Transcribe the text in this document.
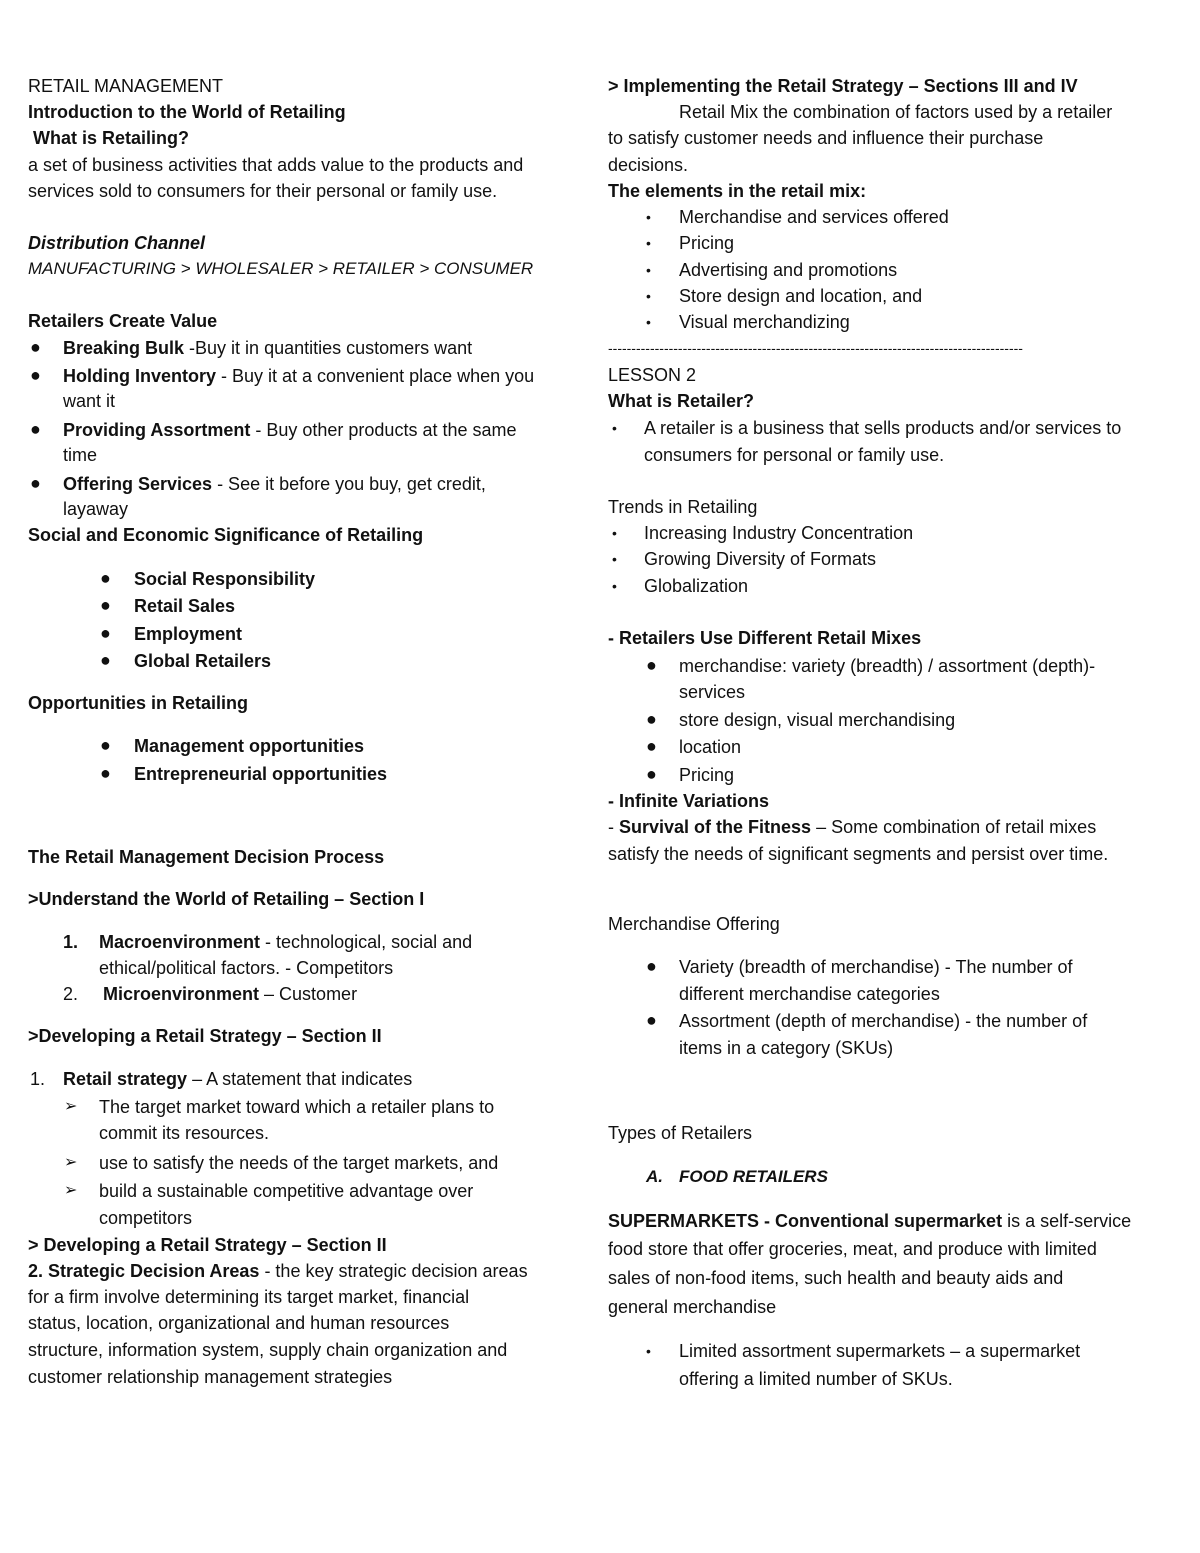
RETAIL MANAGEMENT
Introduction to the World of Retailing
What is Retailing?
a set of business activities that adds value to the products and
services sold to consumers for their personal or family use.
Distribution Channel
MANUFACTURING > WHOLESALER > RETAILER > CONSUMER
Retailers Create Value
● Breaking Bulk -Buy it in quantities customers want
● Holding Inventory - Buy it at a convenient place when you
want it
● Providing Assortment - Buy other products at the same
time
● Offering Services - See it before you buy, get credit,
layaway
Social and Economic Significance of Retailing
● Social Responsibility
● Retail Sales
● Employment
● Global Retailers
Opportunities in Retailing
● Management opportunities
● Entrepreneurial opportunities
The Retail Management Decision Process
>Understand the World of Retailing – Section I
1. Macroenvironment - technological, social and
ethical/political factors. - Competitors
2. Microenvironment – Customer
>Developing a Retail Strategy – Section II
1. Retail strategy – A statement that indicates
➢ The target market toward which a retailer plans to
commit its resources.
➢ use to satisfy the needs of the target markets, and
➢ build a sustainable competitive advantage over
competitors
> Developing a Retail Strategy – Section II
2. Strategic Decision Areas - the key strategic decision areas
for a firm involve determining its target market, financial
status, location, organizational and human resources
structure, information system, supply chain organization and
customer relationship management strategies
> Implementing the Retail Strategy – Sections III and IV
Retail Mix the combination of factors used by a retailer
to satisfy customer needs and influence their purchase
decisions.
The elements in the retail mix:
• Merchandise and services offered
• Pricing
• Advertising and promotions
• Store design and location, and
• Visual merchandizing
-----------------------------------------------------------------------------------------
LESSON 2
What is Retailer?
• A retailer is a business that sells products and/or services to
consumers for personal or family use.
Trends in Retailing
• Increasing Industry Concentration
• Growing Diversity of Formats
• Globalization
- Retailers Use Different Retail Mixes
● merchandise: variety (breadth) / assortment (depth)-
services
● store design, visual merchandising
● location
● Pricing
- Infinite Variations
- Survival of the Fitness – Some combination of retail mixes
satisfy the needs of significant segments and persist over time.
Merchandise Offering
● Variety (breadth of merchandise) - The number of
different merchandise categories
● Assortment (depth of merchandise) - the number of
items in a category (SKUs)
Types of Retailers
A. FOOD RETAILERS
SUPERMARKETS - Conventional supermarket is a self-service
food store that offer groceries, meat, and produce with limited
sales of non-food items, such health and beauty aids and
general merchandise
• Limited assortment supermarkets – a supermarket
offering a limited number of SKUs.
